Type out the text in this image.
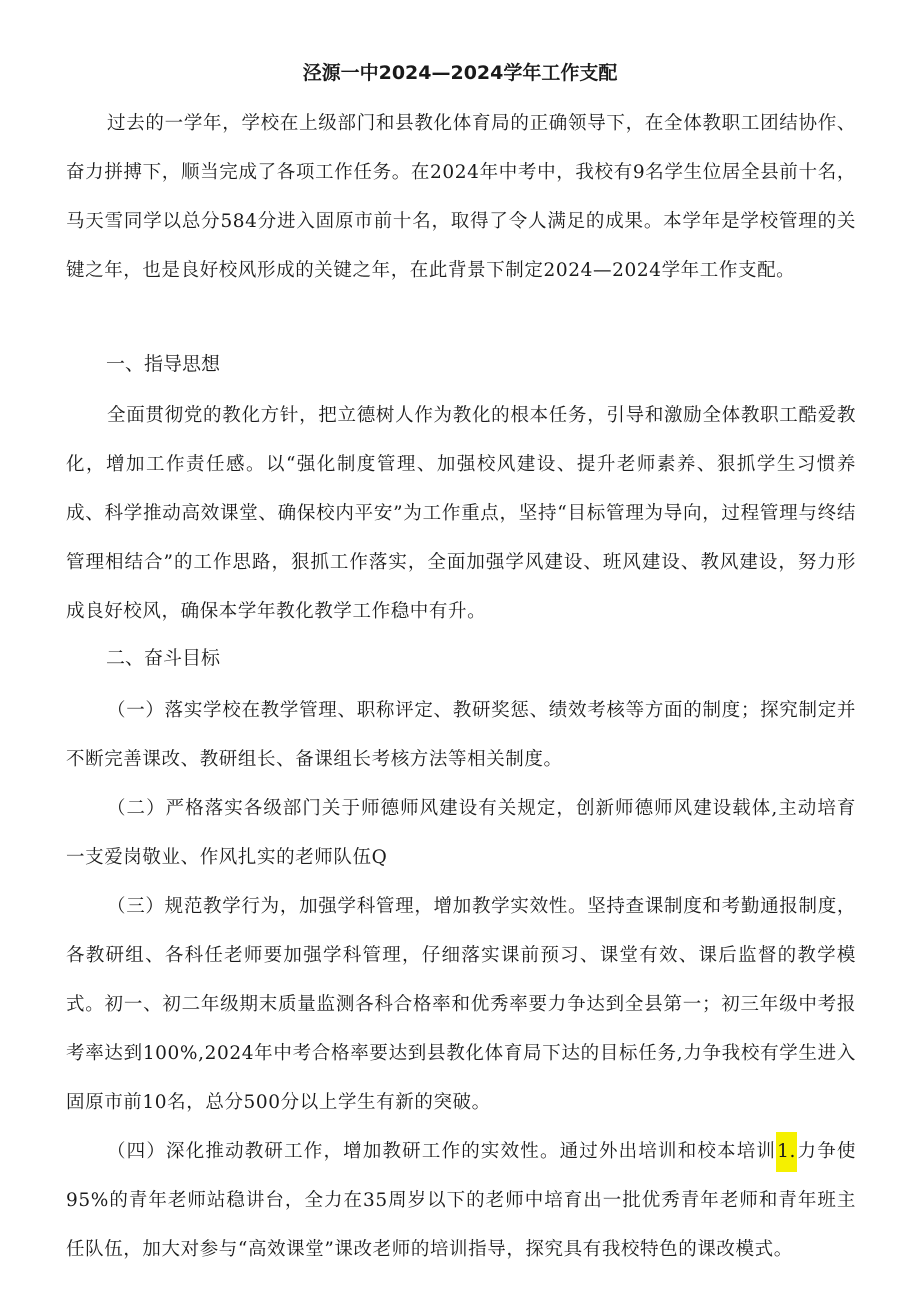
泾源一中2024—2024学年工作支配

过去的一学年，学校在上级部门和县教化体育局的正确领导下，在全体教职工团结协作、奋力拼搏下，顺当完成了各项工作任务。在2024年中考中，我校有9名学生位居全县前十名，马天雪同学以总分584分进入固原市前十名，取得了令人满足的成果。本学年是学校管理的关键之年，也是良好校风形成的关键之年，在此背景下制定2024—2024学年工作支配。

一、指导思想

全面贯彻党的教化方针，把立德树人作为教化的根本任务，引导和激励全体教职工酷爱教化，增加工作责任感。以“强化制度管理、加强校风建设、提升老师素养、狠抓学生习惯养成、科学推动高效课堂、确保校内平安”为工作重点，坚持“目标管理为导向，过程管理与终结管理相结合”的工作思路，狠抓工作落实，全面加强学风建设、班风建设、教风建设，努力形成良好校风，确保本学年教化教学工作稳中有升。

二、奋斗目标

（一）落实学校在教学管理、职称评定、教研奖惩、绩效考核等方面的制度；探究制定并不断完善课改、教研组长、备课组长考核方法等相关制度。

（二）严格落实各级部门关于师德师风建设有关规定，创新师德师风建设载体,主动培育一支爱岗敬业、作风扎实的老师队伍Q

（三）规范教学行为，加强学科管理，增加教学实效性。坚持查课制度和考勤通报制度，各教研组、各科任老师要加强学科管理，仔细落实课前预习、课堂有效、课后监督的教学模式。初一、初二年级期末质量监测各科合格率和优秀率要力争达到全县第一；初三年级中考报考率达到100%,2024年中考合格率要达到县教化体育局下达的目标任务,力争我校有学生进入固原市前10名，总分500分以上学生有新的突破。

（四）深化推动教研工作，增加教研工作的实效性。通过外出培训和校本培训1.力争使95%的青年老师站稳讲台，全力在35周岁以下的老师中培育出一批优秀青年老师和青年班主任队伍，加大对参与“高效课堂”课改老师的培训指导，探究具有我校特色的课改模式。
